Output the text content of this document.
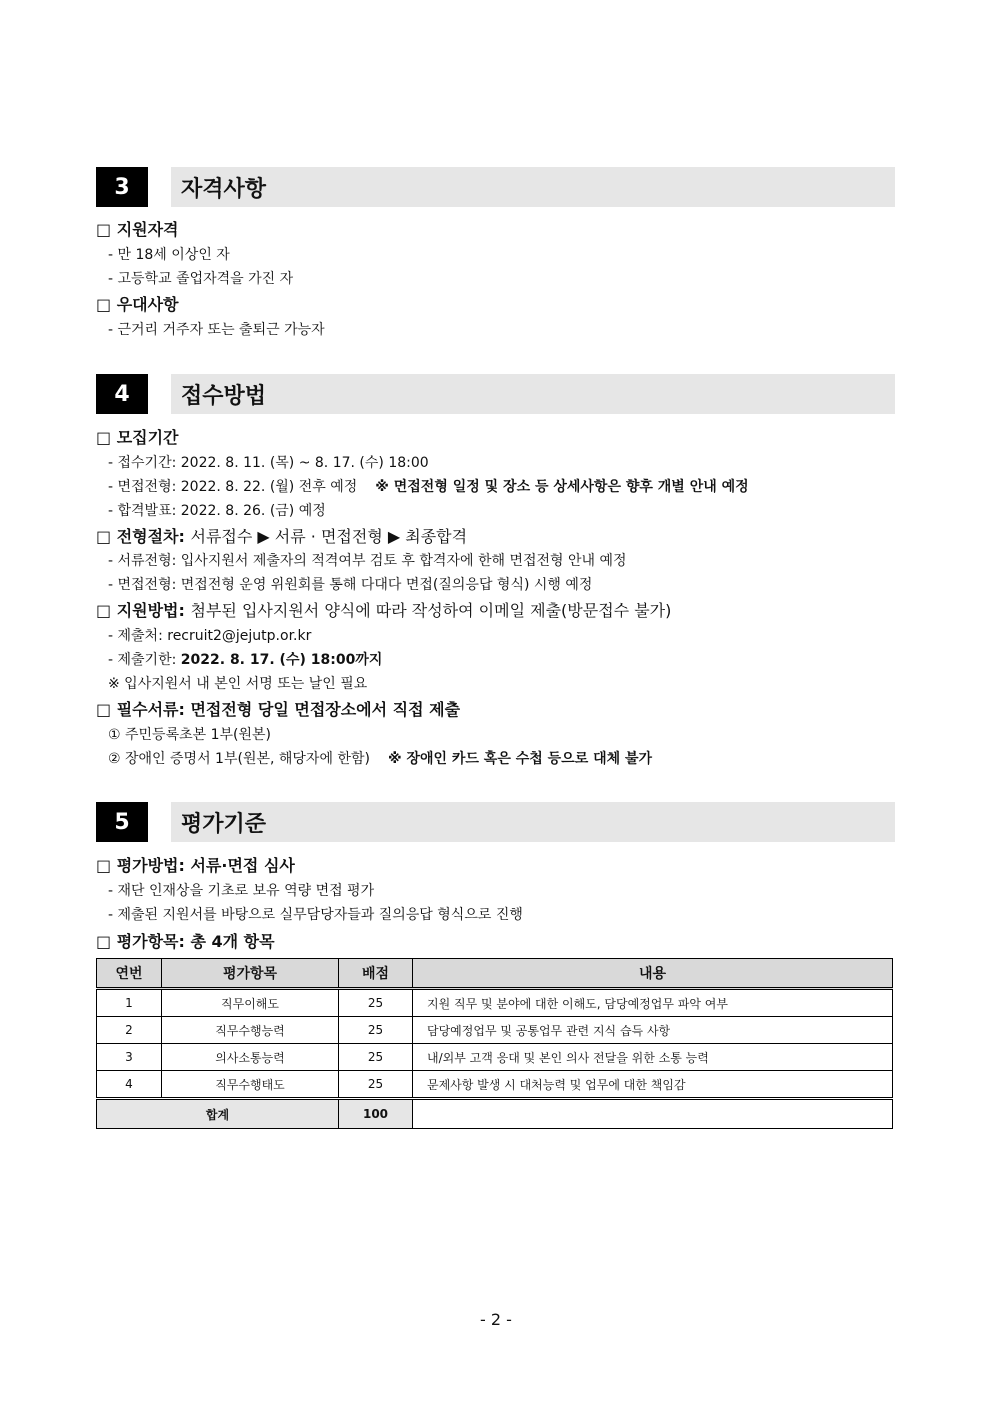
3	자격사항
□ 지원자격
- 만 18세 이상인 자
- 고등학교 졸업자격을 가진 자
□ 우대사항
- 근거리 거주자 또는 출퇴근 가능자
4	접수방법
□ 모집기간
- 접수기간: 2022. 8. 11. (목) ~ 8. 17. (수) 18:00
- 면접전형: 2022. 8. 22. (월) 전후 예정 ※ 면접전형 일정 및 장소 등 상세사항은 향후 개별 안내 예정
- 합격발표: 2022. 8. 26. (금) 예정
□ 전형절차: 서류접수 ▶ 서류 · 면접전형 ▶ 최종합격
- 서류전형: 입사지원서 제출자의 적격여부 검토 후 합격자에 한해 면접전형 안내 예정
- 면접전형: 면접전형 운영 위원회를 통해 다대다 면접(질의응답 형식) 시행 예정
□ 지원방법: 첨부된 입사지원서 양식에 따라 작성하여 이메일 제출(방문접수 불가)
- 제출처: recruit2@jejutp.or.kr
- 제출기한: 2022. 8. 17. (수) 18:00까지
※ 입사지원서 내 본인 서명 또는 날인 필요
□ 필수서류: 면접전형 당일 면접장소에서 직접 제출
① 주민등록초본 1부(원본)
② 장애인 증명서 1부(원본, 해당자에 한함) ※ 장애인 카드 혹은 수첩 등으로 대체 불가
5	평가기준
□ 평가방법: 서류·면접 심사
- 재단 인재상을 기초로 보유 역량 면접 평가
- 제출된 지원서를 바탕으로 실무담당자들과 질의응답 형식으로 진행
□ 평가항목: 총 4개 항목
연번	평가항목	배점	내용
1	직무이해도	25	지원 직무 및 분야에 대한 이해도, 담당예정업무 파악 여부
2	직무수행능력	25	담당예정업무 및 공통업무 관련 지식 습득 사항
3	의사소통능력	25	내/외부 고객 응대 및 본인 의사 전달을 위한 소통 능력
4	직무수행태도	25	문제사항 발생 시 대처능력 및 업무에 대한 책임감
합계		100	
- 2 -
